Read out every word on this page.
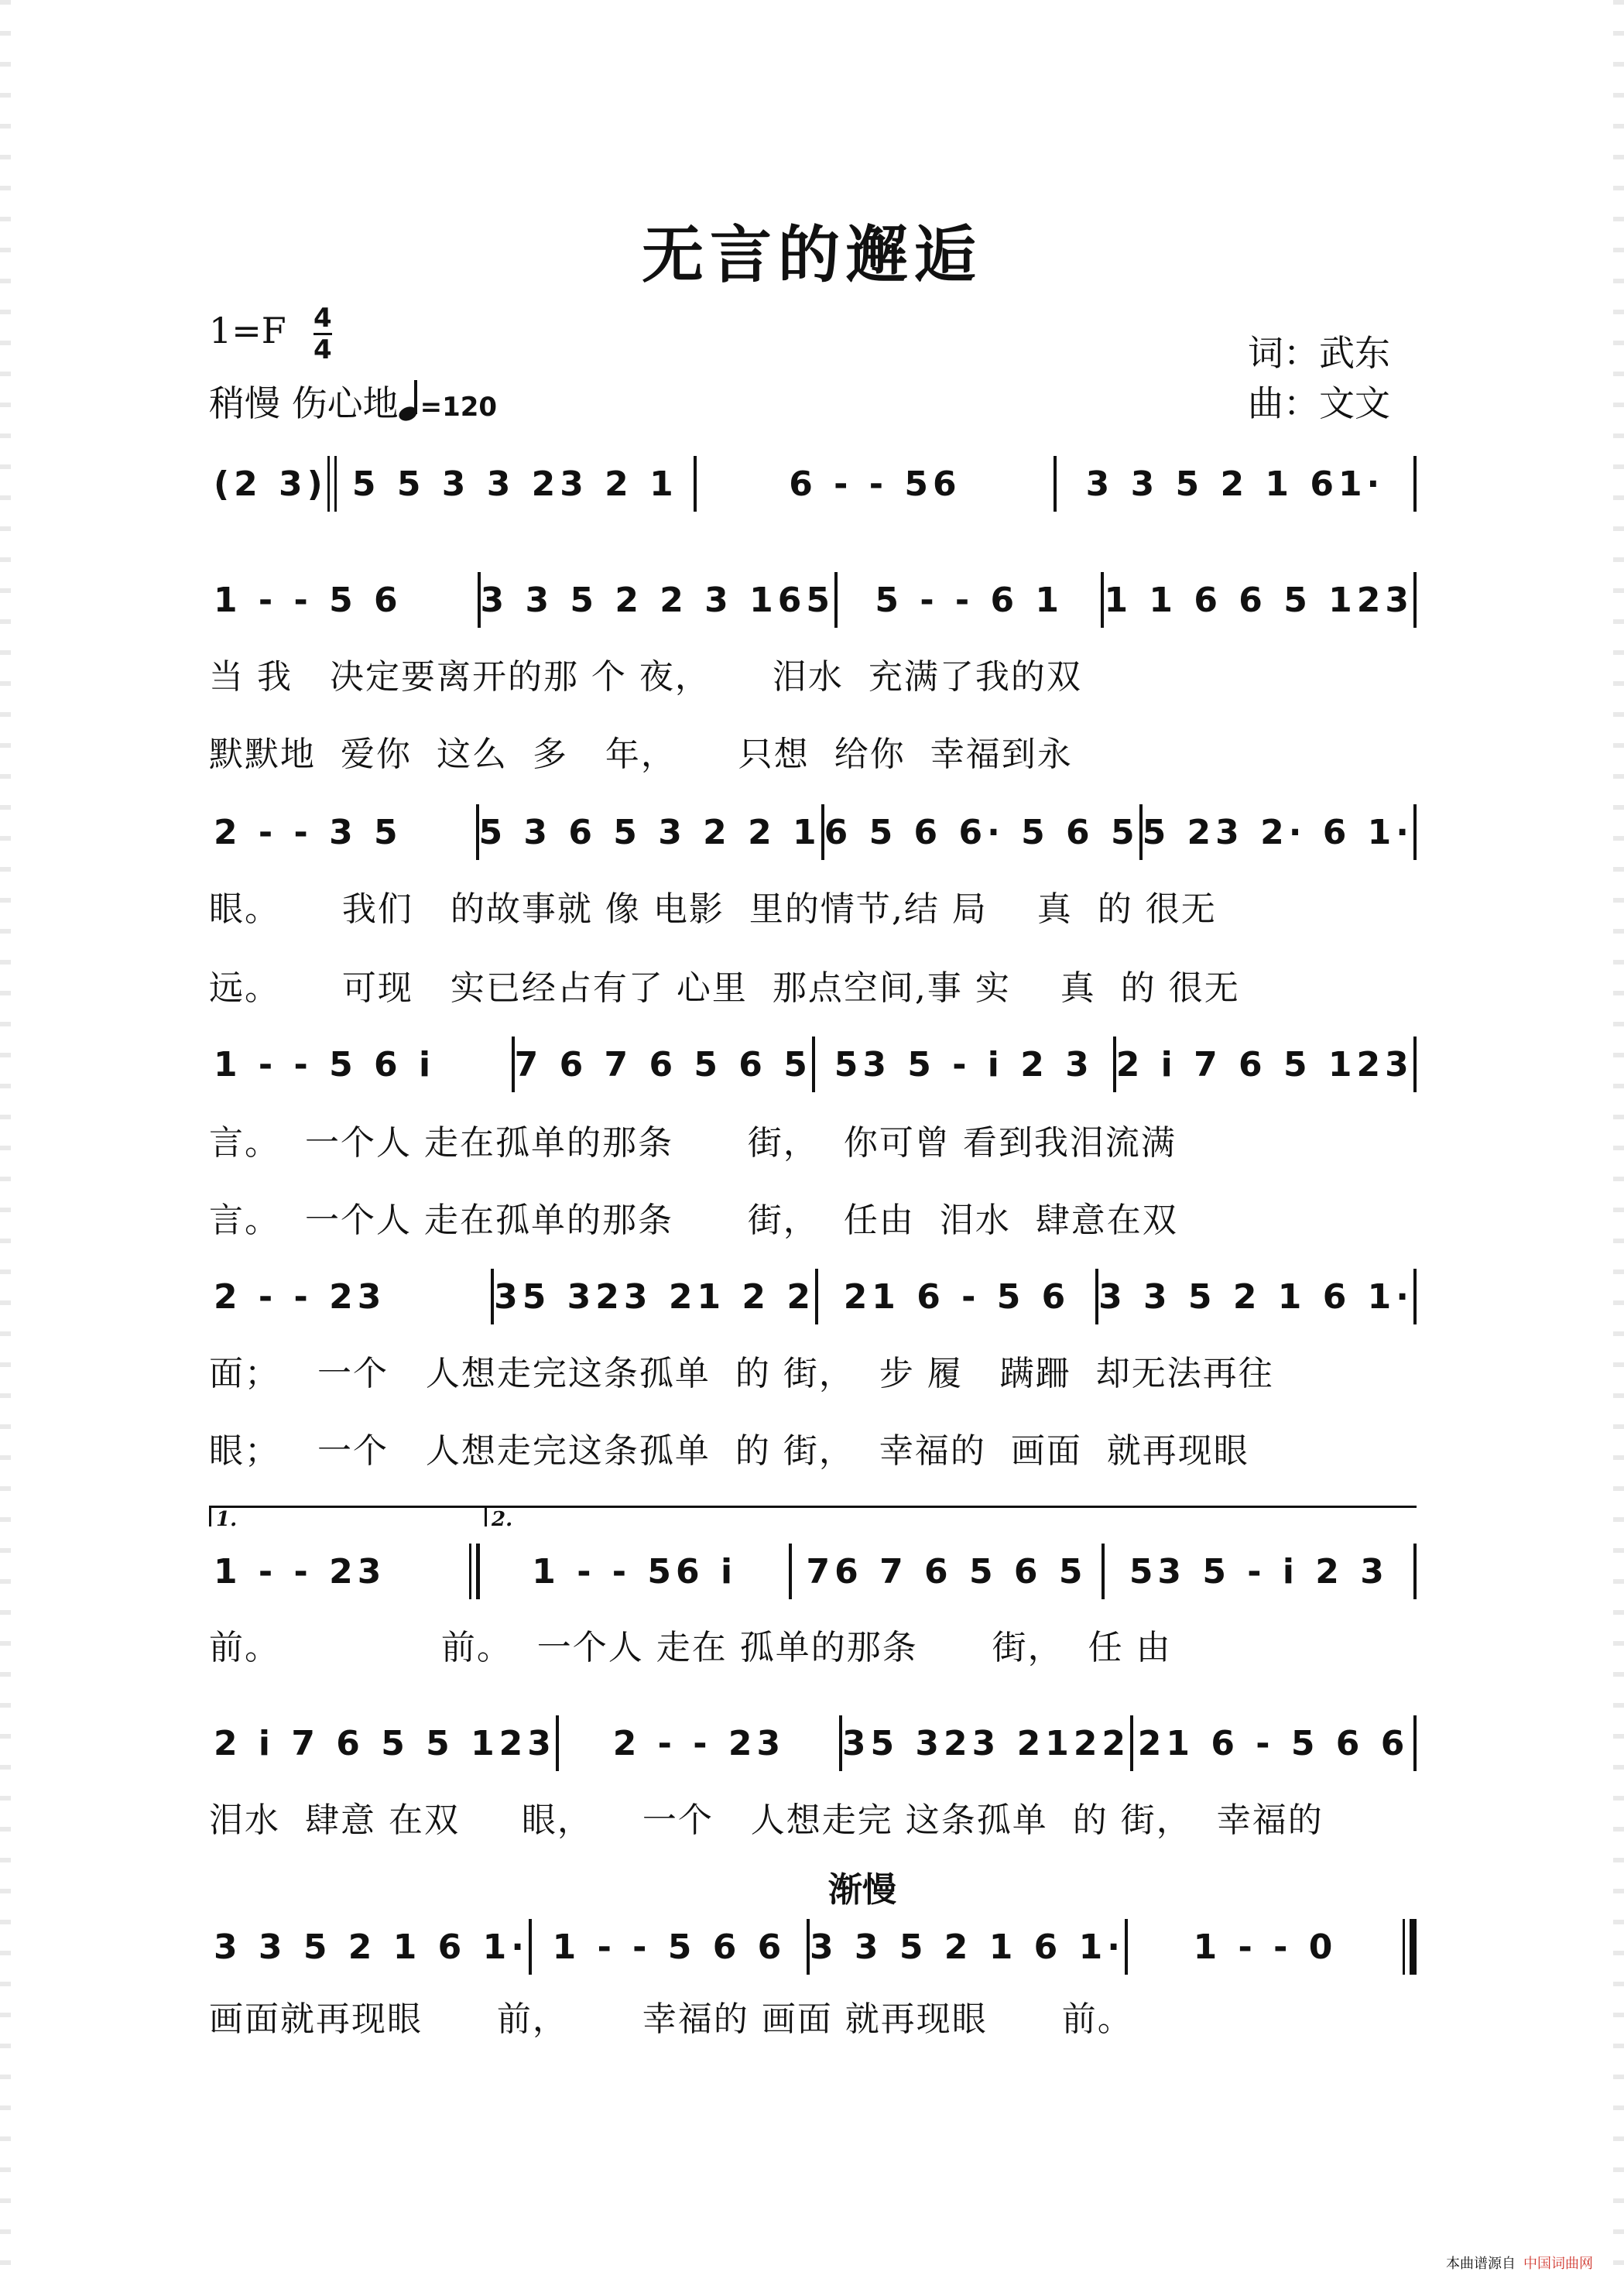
无言的邂逅
$1=F \frac{4}{4}$
稍慢 伤心地 =120
词：武东
曲：文文
(2 3) 5 5 3 3 23 2 1	6 - - 56	3 3 5 2 1 61·
1 - - 5 6	3 3 5 2 2 3 165	5 - - 6 1	1 1 6 6 5 123
当 我   决定要离开的那 个 夜，     泪水  充满了我的双
默默地  爱你  这么  多   年，     只想  给你  幸福到永
2 - - 3 5	5 3 6 5 3 2 2 1 6 5 6 6· 5 6 5 5 23 2· 6 1·
眼。     我们   的故事就 像 电影  里的情节,结 局    真  的 很无
远。     可现   实已经占有了 心里  那点空间,事 实    真  的 很无
1 - - 5 6 i	7 6 7 6 5 6 5 53 5 - i 2 3 2 i 7 6 5 123
言。  一个人 走在孤单的那条      街，  你可曾 看到我泪流满
言。  一个人 走在孤单的那条      街，  任由  泪水  肆意在双
2 - - 23	35 323 21 2 2 21 6 - 5 6 3 3 5 2 1 6 1·
面；   一个   人想走完这条孤单  的 街，  步 履   蹒跚  却无法再往
眼；   一个   人想走完这条孤单  的 街，  幸福的  画面  就再现眼
1.	2.
1 - - 23	1 - - 56 i	76 7 6 5 6 5	53 5 - i 2 3
前。             前。  一个人 走在 孤单的那条      街，  任 由
2 i 7 6 5 5 123	2 - - 23	35 323 2122 21 6 - 5 6 6
泪水  肆意 在双     眼，    一个   人想走完 这条孤单  的 街，  幸福的
3 3 5 2 1 6 1· 1 - - 5 6 6 3 3 5 2 1 6 1·	1 - - 0
画面就再现眼      前，      幸福的 画面 就再现眼      前。
渐慢
本曲谱源自 中国词曲网
